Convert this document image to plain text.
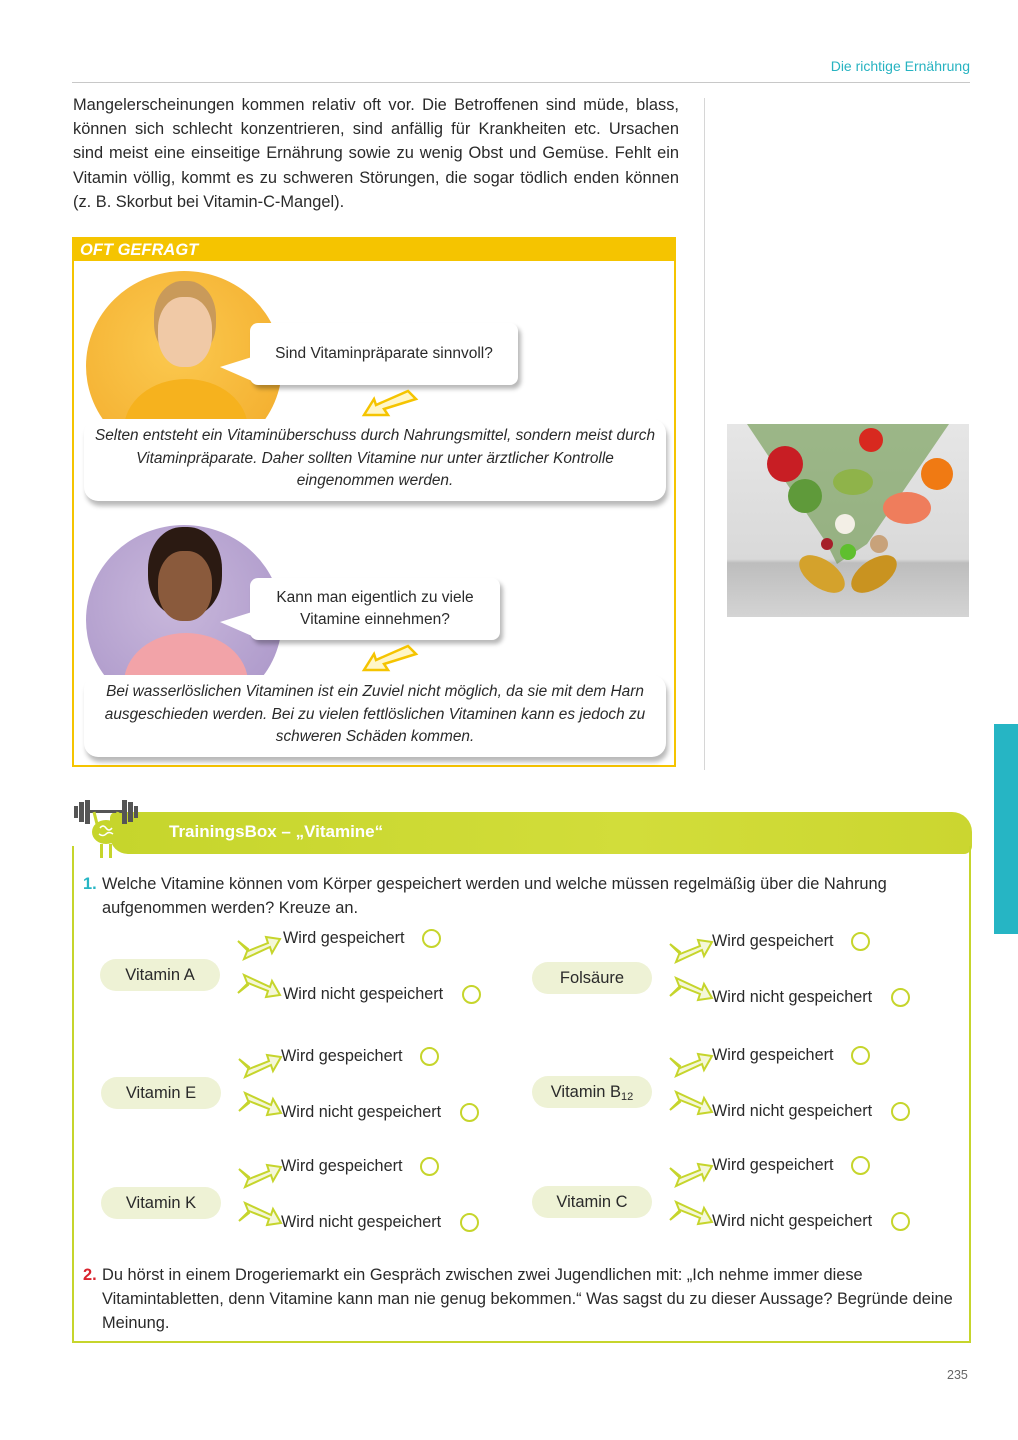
Die richtige Ernährung

Mangelerscheinungen kommen relativ oft vor. Die Betroffenen sind müde, blass, können sich schlecht konzentrieren, sind anfällig für Krankheiten etc. Ursachen sind meist eine einseitige Ernährung sowie zu wenig Obst und Gemüse. Fehlt ein Vitamin völlig, kommt es zu schweren Störungen, die sogar tödlich enden können (z. B. Skorbut bei Vitamin-C-Mangel).

OFT GEFRAGT
Sind Vitaminpräparate sinnvoll?
Selten entsteht ein Vitaminüberschuss durch Nahrungsmittel, sondern meist durch Vitaminpräparate. Daher sollten Vitamine nur unter ärztlicher Kontrolle eingenommen werden.
Kann man eigentlich zu viele Vitamine einnehmen?
Bei wasserlöslichen Vitaminen ist ein Zuviel nicht möglich, da sie mit dem Harn ausgeschieden werden. Bei zu vielen fettlöslichen Vitaminen kann es jedoch zu schweren Schäden kommen.
TrainingsBox – „Vitamine“
1. Welche Vitamine können vom Körper gespeichert werden und welche müssen regelmäßig über die Nahrung aufgenommen werden? Kreuze an.
Vitamin A
Wird gespeichert
Wird nicht gespeichert
Folsäure
Wird gespeichert
Wird nicht gespeichert
Vitamin E
Wird gespeichert
Wird nicht gespeichert
Vitamin $B_{12}$
Wird gespeichert
Wird nicht gespeichert
Vitamin K
Wird gespeichert
Wird nicht gespeichert
Vitamin C
Wird gespeichert
Wird nicht gespeichert
2. Du hörst in einem Drogeriemarkt ein Gespräch zwischen zwei Jugendlichen mit: „Ich nehme immer diese Vitamintabletten, denn Vitamine kann man nie genug bekommen.“ Was sagst du zu dieser Aussage? Begründe deine Meinung.
235
